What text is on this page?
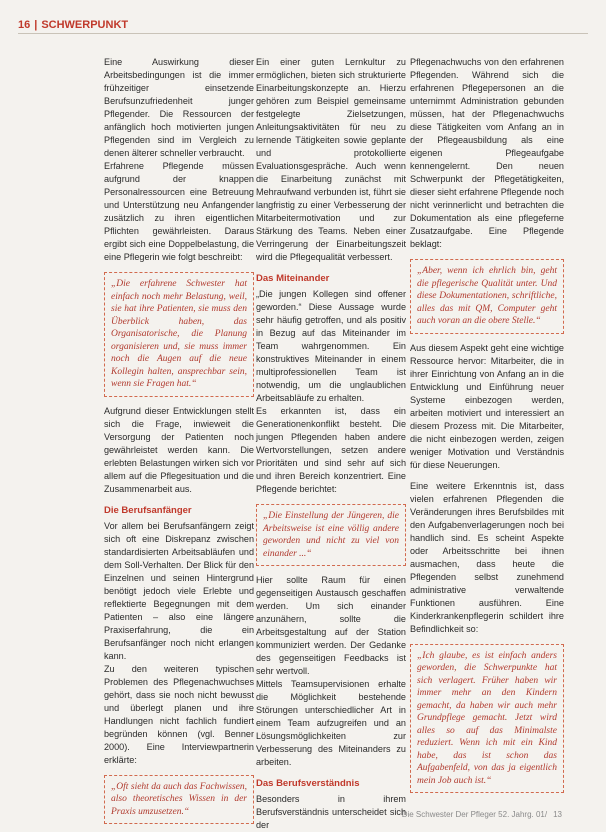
16 | SCHWERPUNKT

Eine Auswirkung dieser Arbeitsbedingungen ist die immer frühzeitiger einsetzende Berufsunzufriedenheit junger Pflegender. Die Ressourcen der anfänglich hoch motivierten jungen Pflegenden sind im Vergleich zu denen älterer schneller verbraucht.

Erfahrene Pflegende müssen aufgrund der knappen Personalressourcen eine Betreuung und Unterstützung neu Anfangender zusätzlich zu ihren eigentlichen Pflichten gewährleisten. Daraus ergibt sich eine Doppelbelastung, die eine Pflegerin wie folgt beschreibt:

„Die erfahrene Schwester hat einfach noch mehr Belastung, weil, sie hat ihre Patienten, sie muss den Überblick haben, das Organisatorische, die Planung organisieren und, sie muss immer noch die Augen auf die neue Kollegin halten, ansprechbar sein, wenn sie Fragen hat.“

Aufgrund dieser Entwicklungen stellt sich die Frage, inwieweit die Versorgung der Patienten noch gewährleistet werden kann. Die erlebten Belastungen wirken sich vor allem auf die Pflegesituation und die Zusammenarbeit aus.

Die Berufsanfänger

Vor allem bei Berufsanfängern zeigt sich oft eine Diskrepanz zwischen standardisierten Arbeitsabläufen und dem Soll-Verhalten. Der Blick für den Einzelnen und seinen Hintergrund benötigt jedoch viele Erlebte und reflektierte Begegnungen mit dem Patienten – also eine längere Praxiserfahrung, die ein Berufsanfänger noch nicht erlangen kann.

Zu den weiteren typischen Problemen des Pflegenachwuchses gehört, dass sie noch nicht bewusst und überlegt planen und ihre Handlungen nicht fachlich fundiert begründen können (vgl. Benner 2000). Eine Interviewpartnerin erklärte:

„Oft sieht da auch das Fachwissen, also theoretisches Wissen in der Praxis umzusetzen.“

Ein einer guten Lernkultur zu ermöglichen, bieten sich strukturierte Einarbeitungskonzepte an. Hierzu gehören zum Beispiel gemeinsame festgelegte Zielsetzungen, Anleitungsaktivitäten für neu zu lernende Tätigkeiten sowie geplante und protokollierte Evaluationsgespräche. Auch wenn die Einarbeitung zunächst mit Mehraufwand verbunden ist, führt sie langfristig zu einer Verbesserung der Mitarbeitermotivation und zur Stärkung des Teams. Neben einer Verringerung der Einarbeitungszeit wird die Pflegequalität verbessert.

Das Miteinander

„Die jungen Kollegen sind offener geworden.“ Diese Aussage wurde sehr häufig getroffen, und als positiv in Bezug auf das Miteinander im Team wahrgenommen. Ein konstruktives Miteinander in einem multiprofessionellen Team ist notwendig, um die unglaublichen Arbeitsabläufe zu erhalten.

Es erkannten ist, dass ein Generationenkonflikt besteht. Die jungen Pflegenden haben andere Wertvorstellungen, setzen andere Prioritäten und sind sehr auf sich und ihren Bereich konzentriert. Eine Pflegende berichtet:

„Die Einstellung der Jüngeren, die Arbeitsweise ist eine völlig andere geworden und nicht zu viel von einander ...“

Hier sollte Raum für einen gegenseitigen Austausch geschaffen werden. Um sich einander anzunähern, sollte die Arbeitsgestaltung auf der Station kommuniziert werden. Der Gedanke des gegenseitigen Feedbacks ist sehr wertvoll.

Mittels Teamsupervisionen erhalte die Möglichkeit bestehende Störungen unterschiedlicher Art in einem Team aufzugreifen und an Lösungsmöglichkeiten zur Verbesserung des Miteinanders zu arbeiten.

Das Berufsverständnis

Besonders in ihrem Berufsverständnis unterscheidet sich der

Pflegenachwuchs von den erfahrenen Pflegenden. Während sich die erfahrenen Pflegepersonen an die unternimmt Administration gebunden müssen, hat der Pflegenachwuchs diese Tätigkeiten vom Anfang an in der Pflegeausbildung als eine eigenen Pflegeaufgabe kennengelernt. Den neuen Schwerpunkt der Pflegetätigkeiten, dieser sieht erfahrene Pflegende noch nicht verinnerlicht und betrachten die Dokumentation als eine pflegeferne Zusatzaufgabe. Eine Pflegende beklagt:

„Aber, wenn ich ehrlich bin, geht die pflegerische Qualität unter. Und diese Dokumentationen, schriftliche, alles das mit QM, Computer geht auch voran an die obere Stelle.“

Aus diesem Aspekt geht eine wichtige Ressource hervor: Mitarbeiter, die in ihrer Einrichtung von Anfang an in die Entwicklung und Einführung neuer Systeme einbezogen werden, arbeiten motiviert und interessiert an diesem Prozess mit. Die Mitarbeiter, die nicht einbezogen werden, zeigen weniger Motivation und Verständnis für diese Neuerungen.

Eine weitere Erkenntnis ist, dass vielen erfahrenen Pflegenden die Veränderungen ihres Berufsbildes mit den Aufgabenverlagerungen noch bei handlich sind. Es scheint Aspekte oder Arbeitsschritte bei ihnen ausmachen, dass heute die Pflegenden selbst zunehmend administrative verwaltende Funktionen ausführen. Eine Kinderkrankenpflegerin schildert ihre Befindlichkeit so:

„Ich glaube, es ist einfach anders geworden, die Schwerpunkte hat sich verlagert. Früher haben wir immer mehr an den Kindern gemacht, da haben wir auch mehr Grundpflege gemacht. Jetzt wird alles so auf das Minimalste reduziert. Wenn ich mit ein Kind habe, das ist schon das Aufgabenfeld, von das ja eigentlich mein Job auch ist.“
Die Schwester Der Pfleger 52. Jahrg. 01/ 13
